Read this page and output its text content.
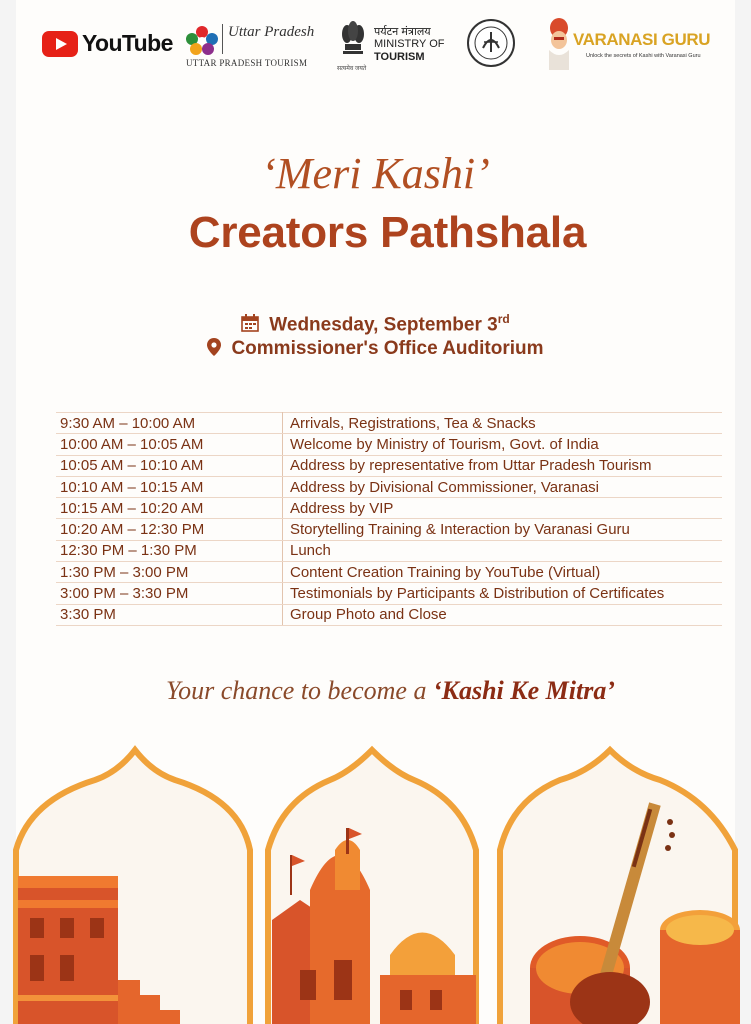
YouTube	Uttar Pradesh
UTTAR PRADESH TOURISM
पर्यटन मंत्रालय
MINISTRY OF
TOURISM
सत्यमेव जयते
VARANASI GURU
Unlock the secrets of Kashi with Varanasi Guru
‘Meri Kashi’
Creators Pathshala
Wednesday, September 3rd
Commissioner's Office Auditorium
9:30 AM – 10:00 AM	Arrivals, Registrations, Tea & Snacks
10:00 AM – 10:05 AM	Welcome by Ministry of Tourism, Govt. of India
10:05 AM – 10:10 AM	Address by representative from Uttar Pradesh Tourism
10:10 AM – 10:15 AM	Address by Divisional Commissioner, Varanasi
10:15 AM – 10:20 AM	Address by VIP
10:20 AM – 12:30 PM	Storytelling Training & Interaction by Varanasi Guru
12:30 PM – 1:30 PM	Lunch
1:30 PM – 3:00 PM	Content Creation Training by YouTube (Virtual)
3:00 PM – 3:30 PM	Testimonials by Participants & Distribution of Certificates
3:30 PM	Group Photo and Close
Your chance to become a ‘Kashi Ke Mitra’
